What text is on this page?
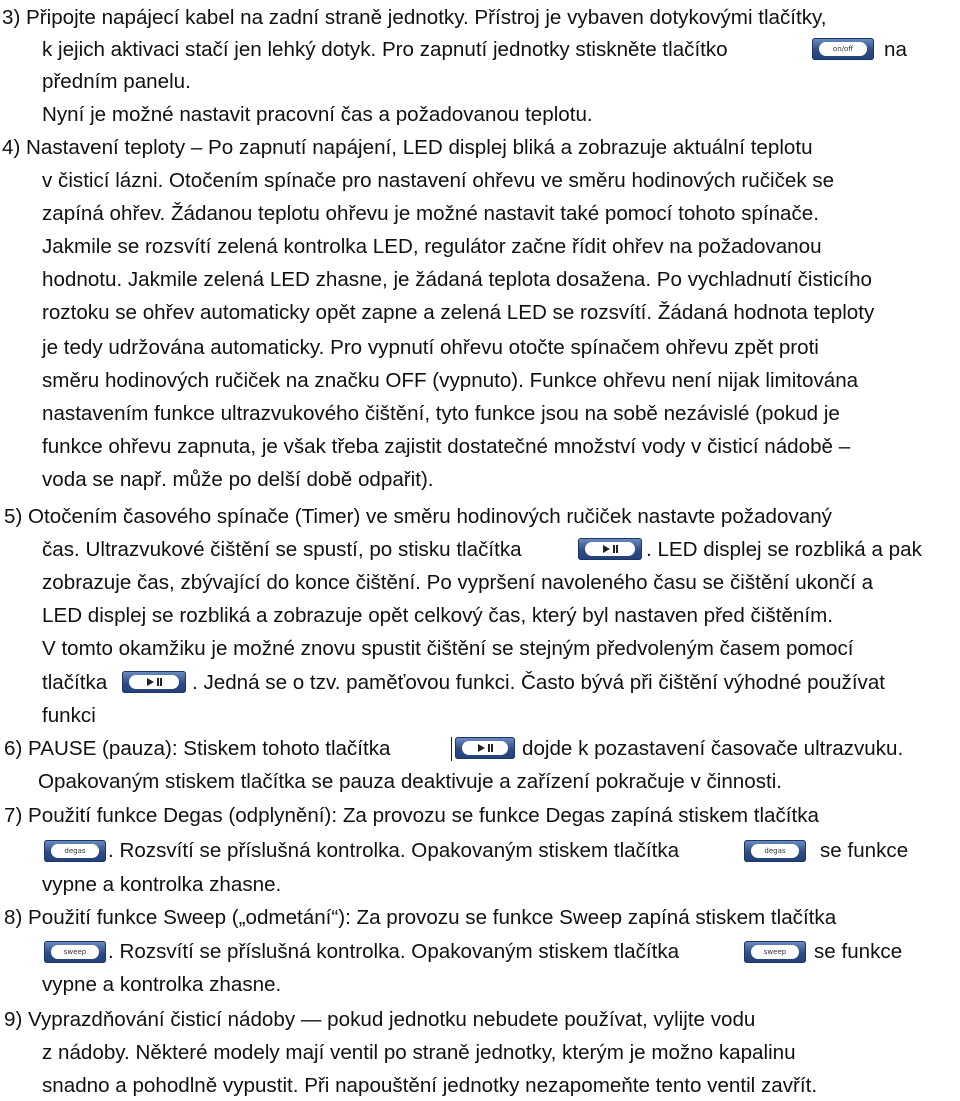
3) Připojte napájecí kabel na zadní straně jednotky. Přístroj je vybaven dotykovými tlačítky,
k jejich aktivaci stačí jen lehký dotyk. Pro zapnutí jednotky stiskněte tlačítko	on/off	na
předním panelu.
Nyní je možné nastavit pracovní čas a požadovanou teplotu.
4) Nastavení teploty – Po zapnutí napájení, LED displej bliká a zobrazuje aktuální teplotu
v čisticí lázni. Otočením spínače pro nastavení ohřevu ve směru hodinových ručiček se
zapíná ohřev. Žádanou teplotu ohřevu je možné nastavit také pomocí tohoto spínače.
Jakmile se rozsvítí zelená kontrolka LED, regulátor začne řídit ohřev na požadovanou
hodnotu. Jakmile zelená LED zhasne, je žádaná teplota dosažena. Po vychladnutí čisticího
roztoku se ohřev automaticky opět zapne a zelená LED se rozsvítí. Žádaná hodnota teploty
je tedy udržována automaticky. Pro vypnutí ohřevu otočte spínačem ohřevu zpět proti
směru hodinových ručiček na značku OFF (vypnuto). Funkce ohřevu není nijak limitována
nastavením funkce ultrazvukového čištění, tyto funkce jsou na sobě nezávislé (pokud je
funkce ohřevu zapnuta, je však třeba zajistit dostatečné množství vody v čisticí nádobě –
voda se např. může po delší době odpařit).
5) Otočením časového spínače (Timer) ve směru hodinových ručiček nastavte požadovaný
čas. Ultrazvukové čištění se spustí, po stisku tlačítka	. LED displej se rozbliká a pak
zobrazuje čas, zbývající do konce čištění. Po vypršení navoleného času se čištění ukončí a
LED displej se rozbliká a zobrazuje opět celkový čas, který byl nastaven před čištěním.
V tomto okamžiku je možné znovu spustit čištění se stejným předvoleným časem pomocí
tlačítka	. Jedná se o tzv. paměťovou funkci. Často bývá při čištění výhodné používat
funkci
6) PAUSE (pauza): Stiskem tohoto tlačítka	dojde k pozastavení časovače ultrazvuku.
Opakovaným stiskem tlačítka se pauza deaktivuje a zařízení pokračuje v činnosti.
7) Použití funkce Degas (odplynění): Za provozu se funkce Degas zapíná stiskem tlačítka
degas	. Rozsvítí se příslušná kontrolka. Opakovaným stiskem tlačítka	degas	se funkce
vypne a kontrolka zhasne.
8) Použití funkce Sweep („odmetání“): Za provozu se funkce Sweep zapíná stiskem tlačítka
sweep	. Rozsvítí se příslušná kontrolka. Opakovaným stiskem tlačítka	sweep	se funkce
vypne a kontrolka zhasne.
9) Vyprazdňování čisticí nádoby — pokud jednotku nebudete používat, vylijte vodu
z nádoby. Některé modely mají ventil po straně jednotky, kterým je možno kapalinu
snadno a pohodlně vypustit. Při napouštění jednotky nezapomeňte tento ventil zavřít.
